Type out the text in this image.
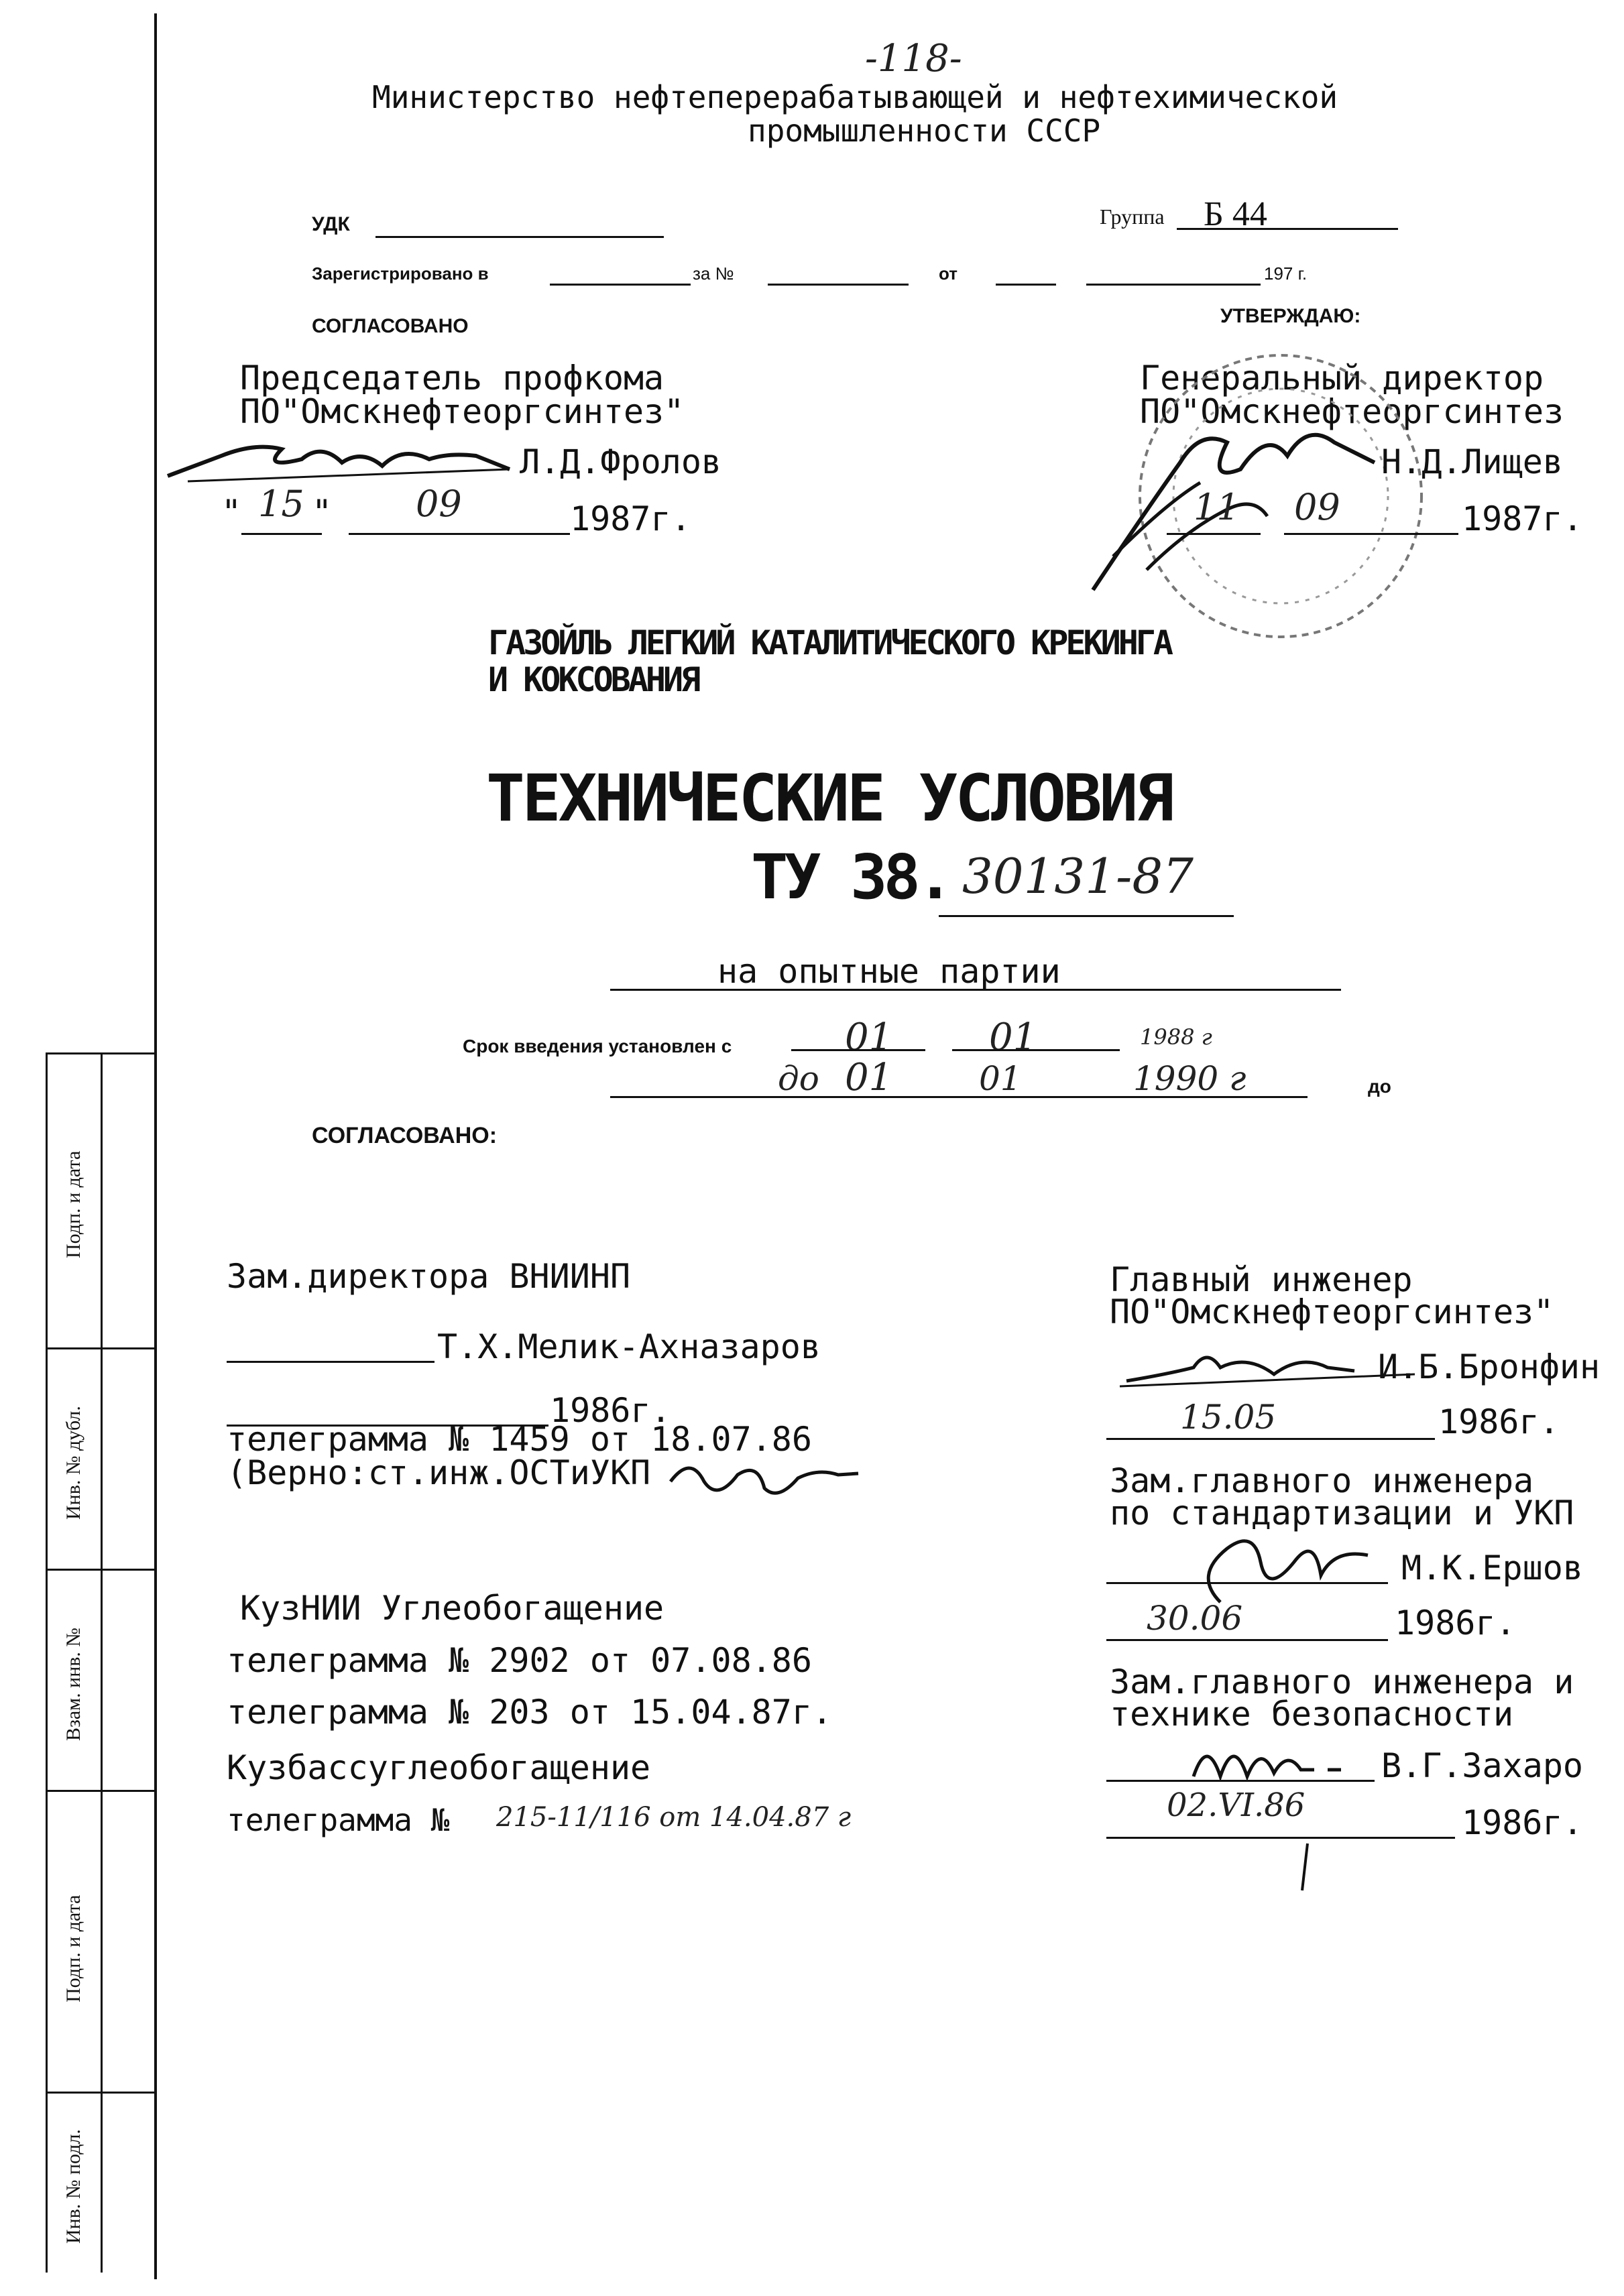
Подп. и дата
Инв. № дубл.
Взам. инв. №
Подп. и дата
Инв. № подл.
-118-
Министерство нефтеперерабатывающей и нефтехимической
промышленности СССР
УДК	Группа Б 44
Зарегистрировано в	за №	от	197 г.
СОГЛАСОВАНО
Председатель профкома
ПО"Омскнефтеоргсинтез"
Л.Д.Фролов
" 15 " 09	1987г.
УТВЕРЖДАЮ:
Генеральный директор
ПО"Омскнефтеоргсинтез
Н.Д.Лищев
11 09	1987г.
ГАЗОЙЛЬ ЛЕГКИЙ КАТАЛИТИЧЕСКОГО КРЕКИНГА
И КОКСОВАНИЯ
ТЕХНИЧЕСКИЕ УСЛОВИЯ
ТУ 38. 30131-87
на опытные партии
Срок введения установлен с	01	01	1988 г
до 01	01	1990 г	до
СОГЛАСОВАНО:
Зам.директора ВНИИНП
Т.Х.Мелик-Ахназаров
1986г.
телеграмма № 1459 от 18.07.86
(Верно:ст.инж.ОСТиУКП
КузНИИ Углеобогащение
телеграмма № 2902 от 07.08.86
телеграмма № 203 от 15.04.87г.
Кузбассуглеобогащение
телеграмма № 215-11/116 от 14.04.87 г
Главный инженер
ПО"Омскнефтеоргсинтез"
И.Б.Бронфин
15.05	1986г.
Зам.главного инженера
по стандартизации и УКП
М.К.Ершов
30.06	1986г.
Зам.главного инженера и
технике безопасности
В.Г.Захаро
02.VI.86	1986г.
